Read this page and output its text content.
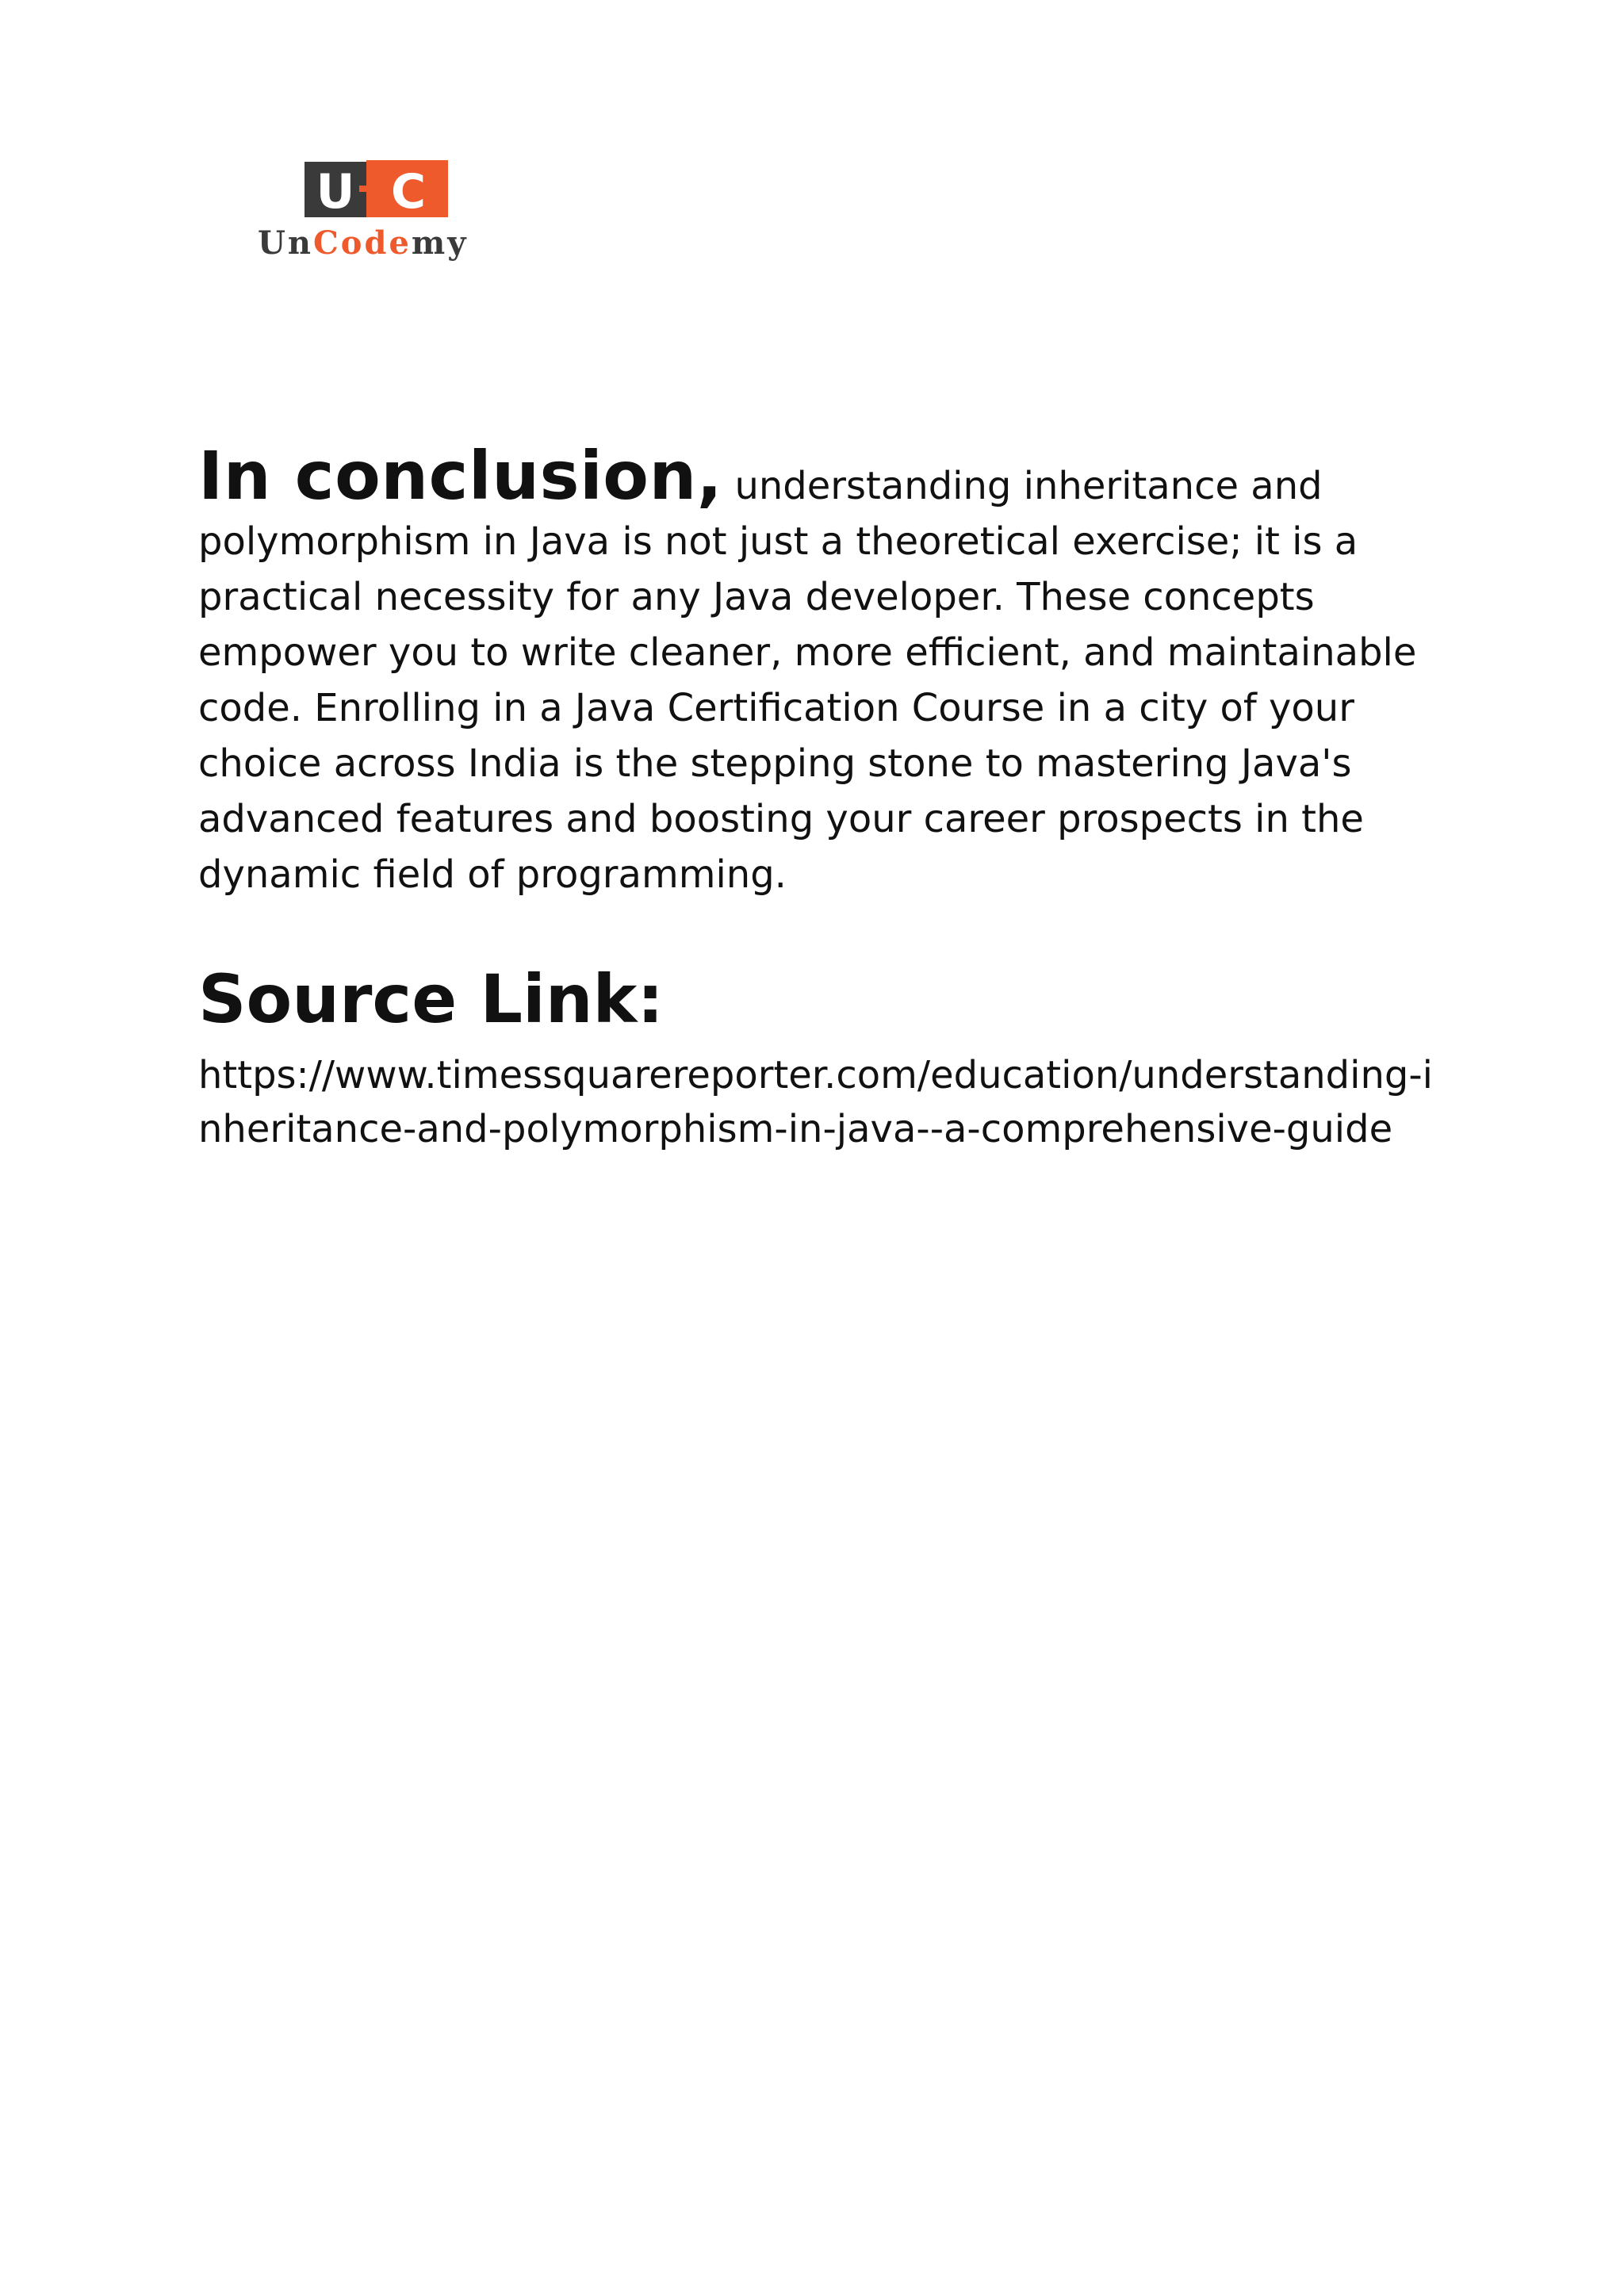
U C
UnCodemy

In conclusion, understanding inheritance and polymorphism in Java is not just a theoretical exercise; it is a practical necessity for any Java developer. These concepts empower you to write cleaner, more efficient, and maintainable code. Enrolling in a Java Certification Course in a city of your choice across India is the stepping stone to mastering Java's advanced features and boosting your career prospects in the dynamic field of programming.

Source Link:

https://www.timessquarereporter.com/education/understanding-inheritance-and-polymorphism-in-java--a-comprehensive-guide
